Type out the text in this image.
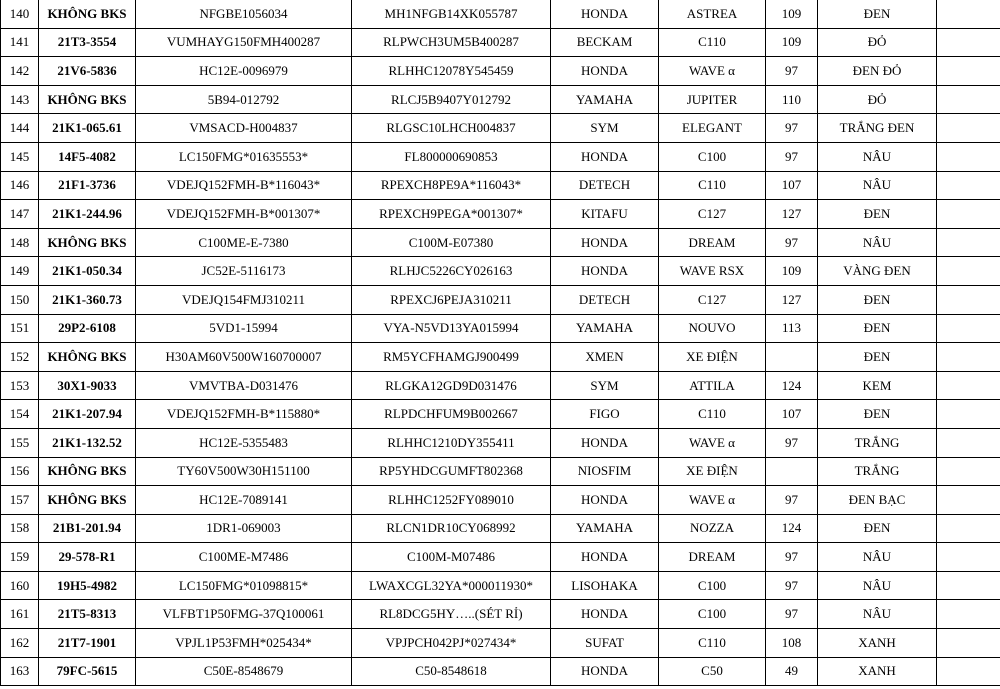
140	KHÔNG BKS	NFGBE1056034	MH1NFGB14XK055787	HONDA	ASTREA	109	ĐEN	
141	21T3-3554	VUMHAYG150FMH400287	RLPWCH3UM5B400287	BECKAM	C110	109	ĐỎ	
142	21V6-5836	HC12E-0096979	RLHHC12078Y545459	HONDA	WAVE α	97	ĐEN ĐỎ	
143	KHÔNG BKS	5B94-012792	RLCJ5B9407Y012792	YAMAHA	JUPITER	110	ĐỎ	
144	21K1-065.61	VMSACD-H004837	RLGSC10LHCH004837	SYM	ELEGANT	97	TRẮNG ĐEN	
145	14F5-4082	LC150FMG*01635553*	FL800000690853	HONDA	C100	97	NÂU	
146	21F1-3736	VDEJQ152FMH-B*116043*	RPEXCH8PE9A*116043*	DETECH	C110	107	NÂU	
147	21K1-244.96	VDEJQ152FMH-B*001307*	RPEXCH9PEGA*001307*	KITAFU	C127	127	ĐEN	
148	KHÔNG BKS	C100ME-E-7380	C100M-E07380	HONDA	DREAM	97	NÂU	
149	21K1-050.34	JC52E-5116173	RLHJC5226CY026163	HONDA	WAVE RSX	109	VÀNG ĐEN	
150	21K1-360.73	VDEJQ154FMJ310211	RPEXCJ6PEJA310211	DETECH	C127	127	ĐEN	
151	29P2-6108	5VD1-15994	VYA-N5VD13YA015994	YAMAHA	NOUVO	113	ĐEN	
152	KHÔNG BKS	H30AM60V500W160700007	RM5YCFHAMGJ900499	XMEN	XE ĐIỆN		ĐEN	
153	30X1-9033	VMVTBA-D031476	RLGKA12GD9D031476	SYM	ATTILA	124	KEM	
154	21K1-207.94	VDEJQ152FMH-B*115880*	RLPDCHFUM9B002667	FIGO	C110	107	ĐEN	
155	21K1-132.52	HC12E-5355483	RLHHC1210DY355411	HONDA	WAVE α	97	TRẮNG	
156	KHÔNG BKS	TY60V500W30H151100	RP5YHDCGUMFT802368	NIOSFIM	XE ĐIỆN		TRẮNG	
157	KHÔNG BKS	HC12E-7089141	RLHHC1252FY089010	HONDA	WAVE α	97	ĐEN BẠC	
158	21B1-201.94	1DR1-069003	RLCN1DR10CY068992	YAMAHA	NOZZA	124	ĐEN	
159	29-578-R1	C100ME-M7486	C100M-M07486	HONDA	DREAM	97	NÂU	
160	19H5-4982	LC150FMG*01098815*	LWAXCGL32YA*000011930*	LISOHAKA	C100	97	NÂU	
161	21T5-8313	VLFBT1P50FMG-37Q100061	RL8DCG5HY…..(SÉT RỈ)	HONDA	C100	97	NÂU	
162	21T7-1901	VPJL1P53FMH*025434*	VPJPCH042PJ*027434*	SUFAT	C110	108	XANH	
163	79FC-5615	C50E-8548679	C50-8548618	HONDA	C50	49	XANH	
